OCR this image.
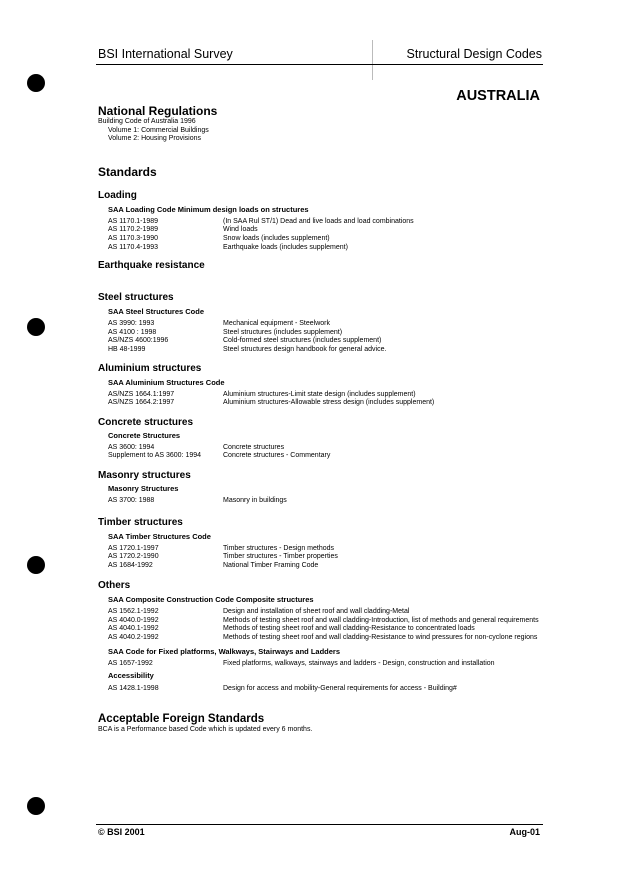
BSI International Survey	Structural Design Codes
AUSTRALIA
National Regulations
Building Code of Australia 1996
Volume 1: Commercial Buildings
Volume 2: Housing Provisions
Standards
Loading
SAA Loading Code Minimum design loads on structures
AS 1170.1-1989	(In SAA Rul ST/1) Dead and live loads and load combinations
AS 1170.2-1989	Wind loads
AS 1170.3-1990	Snow loads (includes supplement)
AS 1170.4-1993	Earthquake loads (includes supplement)
Earthquake resistance
Steel structures
SAA Steel Structures Code
AS 3990: 1993	Mechanical equipment - Steelwork
AS 4100 : 1998	Steel structures (includes supplement)
AS/NZS 4600:1996	Cold-formed steel structures (includes supplement)
HB 48-1999	Steel structures design handbook for general advice.
Aluminium structures
SAA Aluminium Structures Code
AS/NZS 1664.1:1997	Aluminium structures-Limit state design (includes supplement)
AS/NZS 1664.2:1997	Aluminium structures-Allowable stress design (includes supplement)
Concrete structures
Concrete Structures
AS 3600: 1994	Concrete structures
Supplement to AS 3600: 1994	Concrete structures - Commentary
Masonry structures
Masonry Structures
AS 3700: 1988	Masonry in buildings
Timber structures
SAA Timber Structures Code
AS 1720.1-1997	Timber structures - Design methods
AS 1720.2-1990	Timber structures - Timber properties
AS 1684-1992	National Timber Framing Code
Others
SAA Composite Construction Code Composite structures
AS 1562.1-1992	Design and installation of sheet roof and wall cladding-Metal
AS 4040.0-1992	Methods of testing sheet roof and wall cladding-Introduction, list of methods and general requirements
AS 4040.1-1992	Methods of testing sheet roof and wall cladding-Resistance to concentrated loads
AS 4040.2-1992	Methods of testing sheet roof and wall cladding-Resistance to wind pressures for non-cyclone regions
SAA Code for Fixed platforms, Walkways, Stairways and Ladders
AS 1657-1992	Fixed platforms, walkways, stairways and ladders - Design, construction and installation
Accessibility
AS 1428.1-1998	Design for access and mobility-General requirements for access - Building#
Acceptable Foreign Standards
BCA is a Performance based Code which is updated every 6 months.
© BSI 2001	Aug-01
